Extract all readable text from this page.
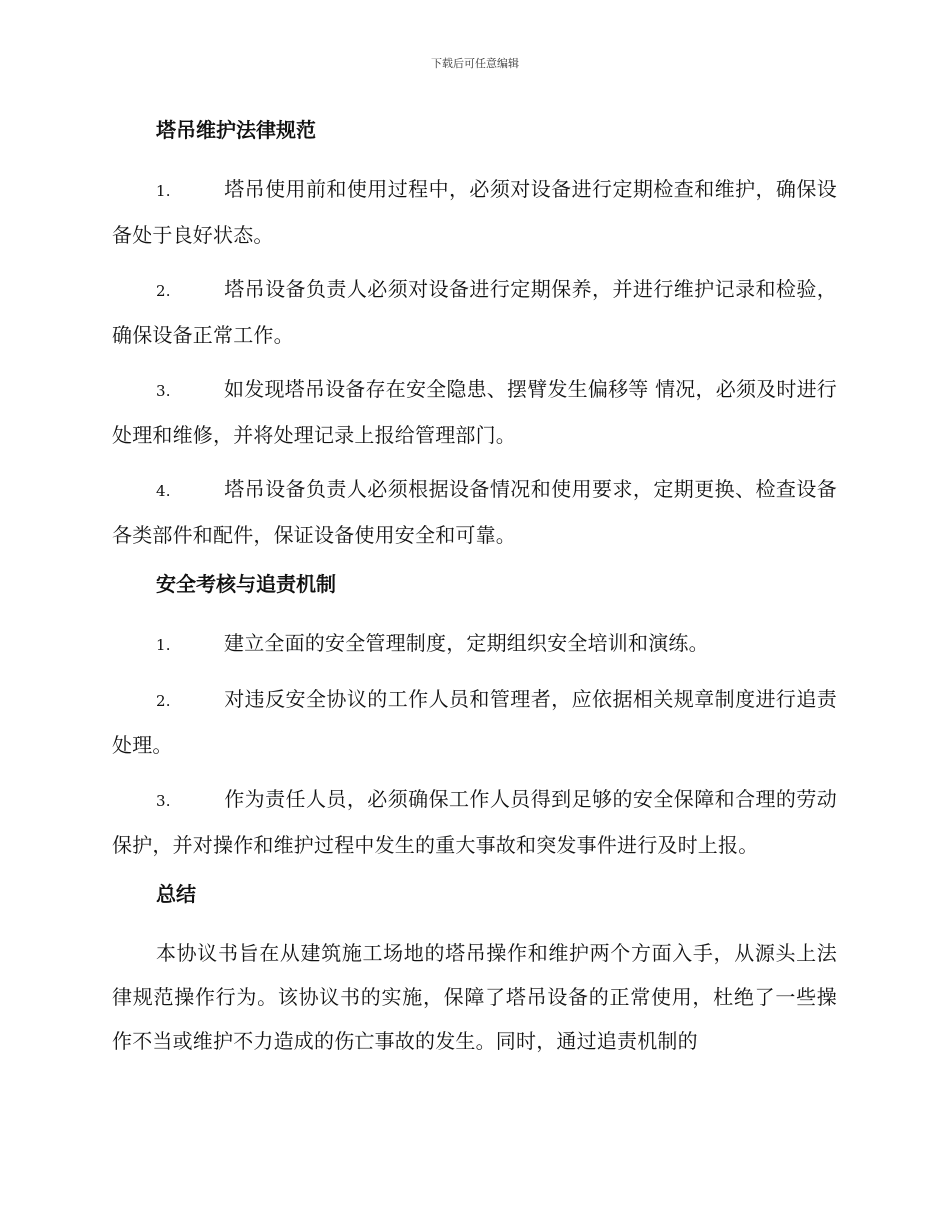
下载后可任意编辑
塔吊维护法律规范
1.	塔吊使用前和使用过程中，必须对设备进行定期检查和维护，确保设备处于良好状态。
2.	塔吊设备负责人必须对设备进行定期保养，并进行维护记录和检验，确保设备正常工作。
3.	如发现塔吊设备存在安全隐患、摆臂发生偏移等 情况，必须及时进行处理和维修，并将处理记录上报给管理部门。
4.	塔吊设备负责人必须根据设备情况和使用要求，定期更换、检查设备各类部件和配件，保证设备使用安全和可靠。
安全考核与追责机制
1.	建立全面的安全管理制度，定期组织安全培训和演练。
2.	对违反安全协议的工作人员和管理者，应依据相关规章制度进行追责处理。
3.	作为责任人员，必须确保工作人员得到足够的安全保障和合理的劳动保护，并对操作和维护过程中发生的重大事故和突发事件进行及时上报。
总结

本协议书旨在从建筑施工场地的塔吊操作和维护两个方面入手，从源头上法律规范操作行为。该协议书的实施，保障了塔吊设备的正常使用，杜绝了一些操作不当或维护不力造成的伤亡事故的发生。同时，通过追责机制的
